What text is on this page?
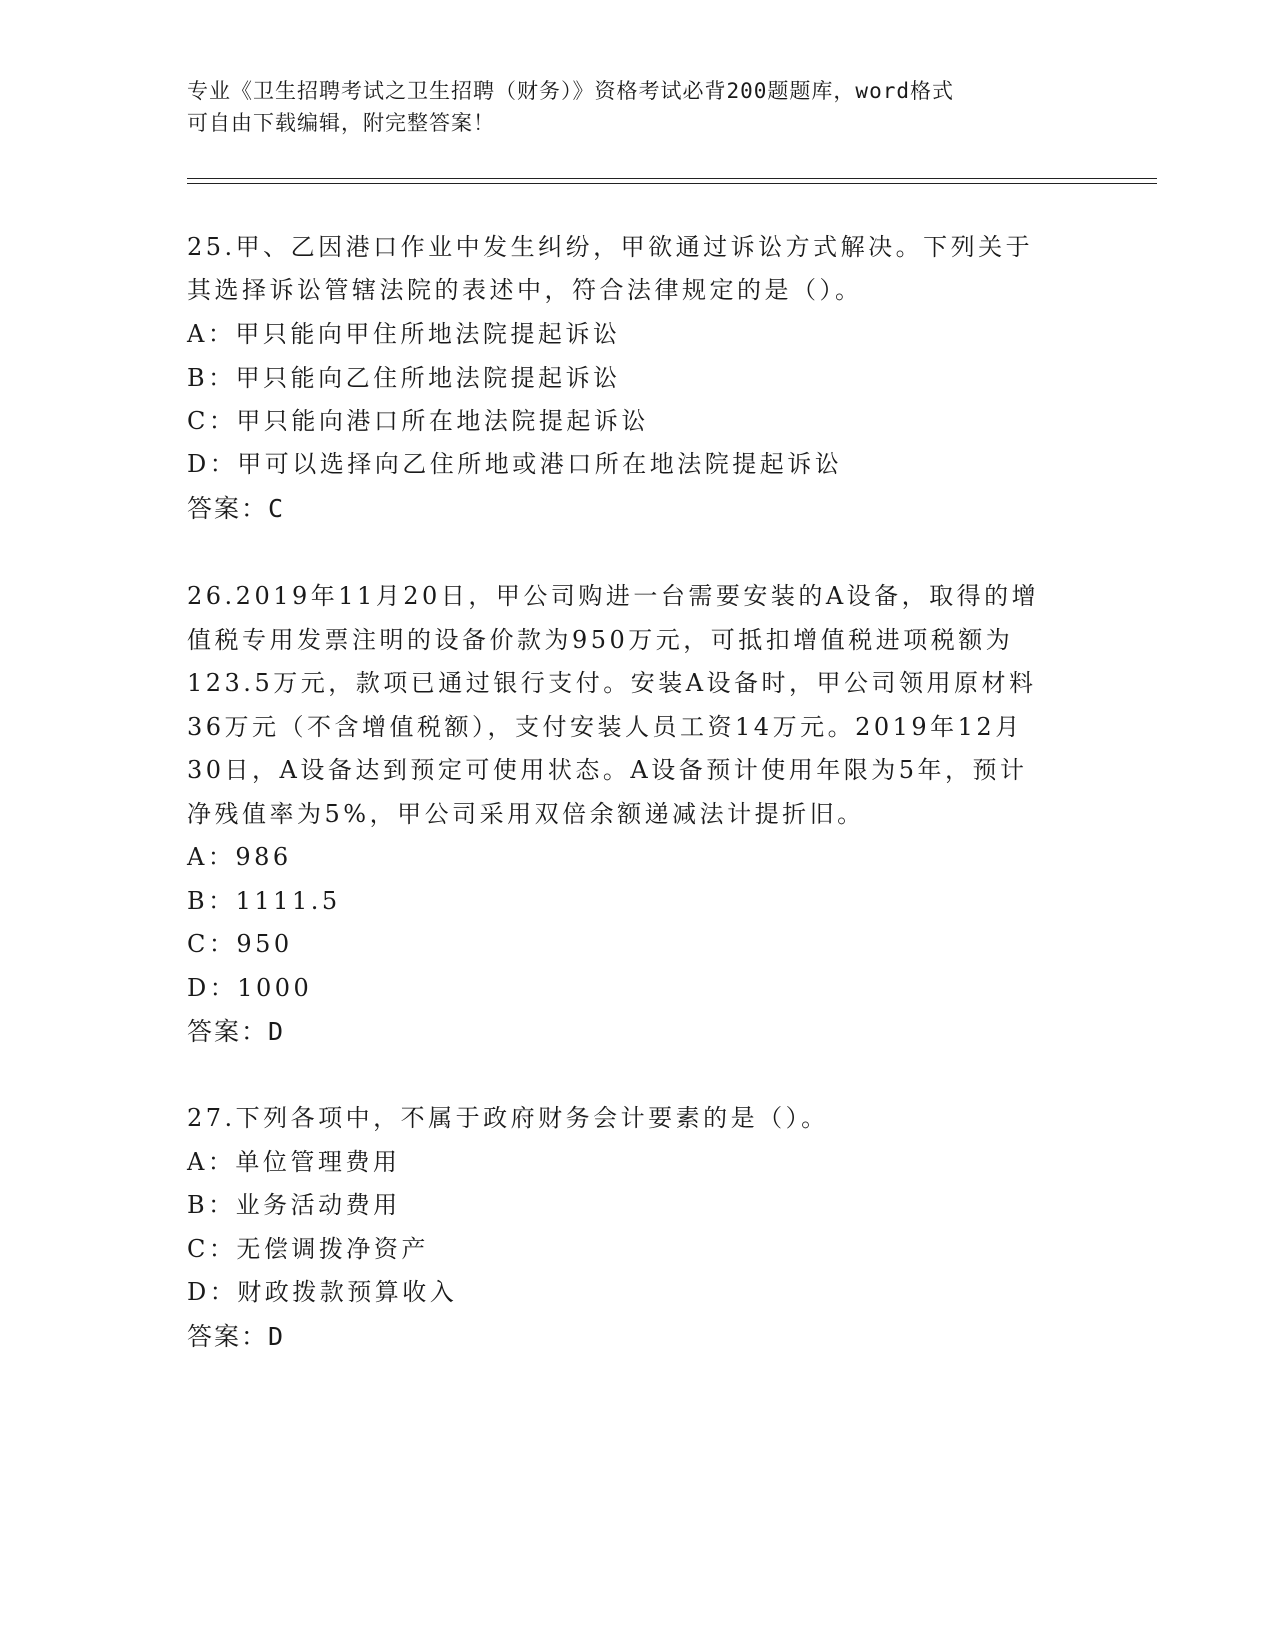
专业《卫生招聘考试之卫生招聘（财务）》资格考试必背200题题库，word格式
可自由下载编辑，附完整答案！
25.甲、乙因港口作业中发生纠纷，甲欲通过诉讼方式解决。下列关于
其选择诉讼管辖法院的表述中，符合法律规定的是（）。
A：甲只能向甲住所地法院提起诉讼
B：甲只能向乙住所地法院提起诉讼
C：甲只能向港口所在地法院提起诉讼
D：甲可以选择向乙住所地或港口所在地法院提起诉讼
答案：C
26.2019年11月20日，甲公司购进一台需要安装的A设备，取得的增
值税专用发票注明的设备价款为950万元，可抵扣增值税进项税额为
123.5万元，款项已通过银行支付。安装A设备时，甲公司领用原材料
36万元（不含增值税额），支付安装人员工资14万元。2019年12月
30日，A设备达到预定可使用状态。A设备预计使用年限为5年，预计
净残值率为5%，甲公司采用双倍余额递减法计提折旧。
A：986
B：1111.5
C：950
D：1000
答案：D
27.下列各项中，不属于政府财务会计要素的是（）。
A：单位管理费用
B：业务活动费用
C：无偿调拨净资产
D：财政拨款预算收入
答案：D
